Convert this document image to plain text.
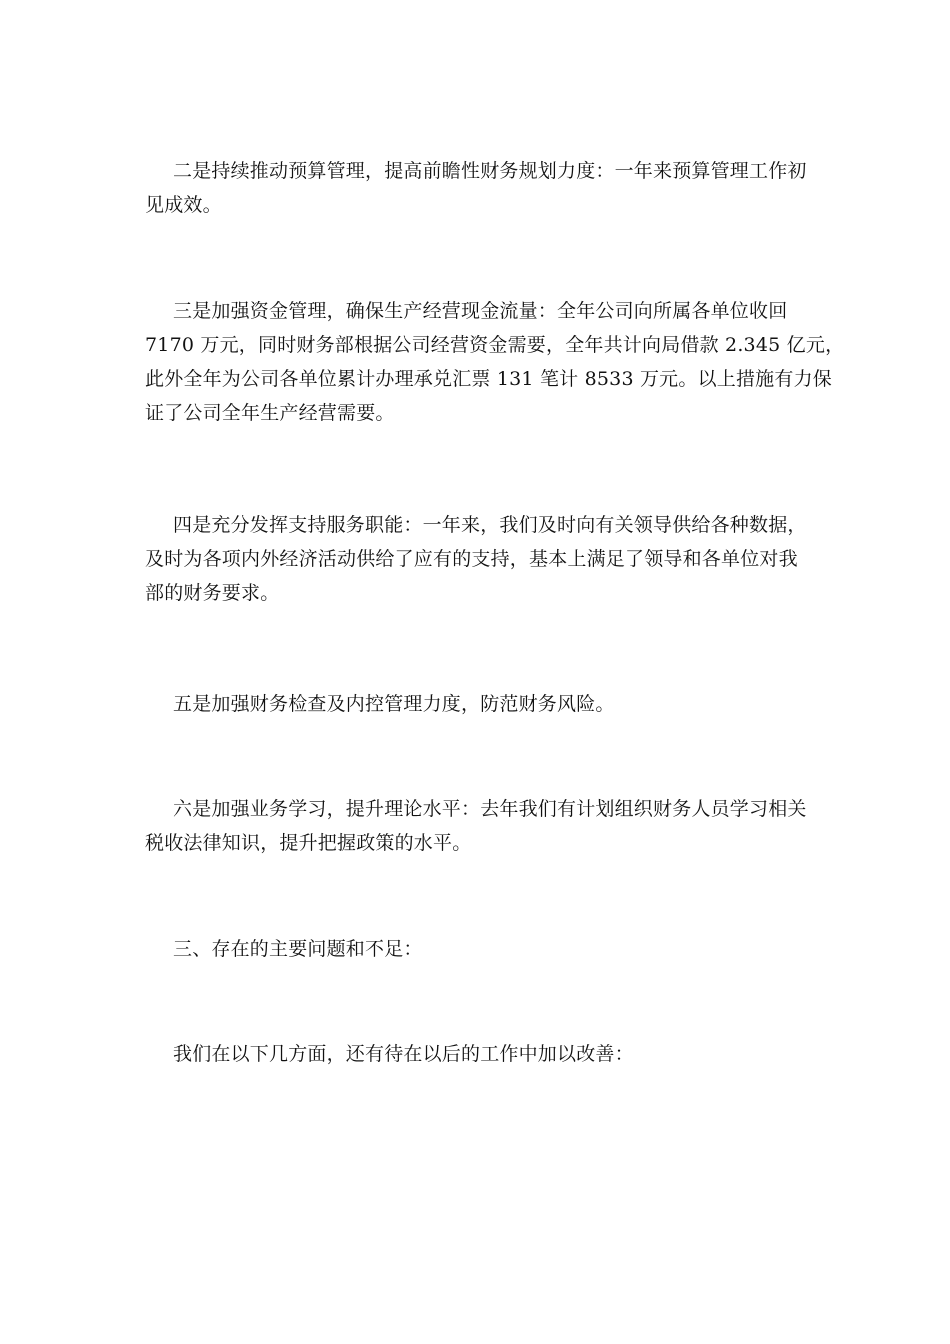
二是持续推动预算管理，提高前瞻性财务规划力度：一年来预算管理工作初
见成效。

三是加强资金管理，确保生产经营现金流量：全年公司向所属各单位收回
7170 万元，同时财务部根据公司经营资金需要，全年共计向局借款 2.345 亿元，
此外全年为公司各单位累计办理承兑汇票 131 笔计 8533 万元。以上措施有力保
证了公司全年生产经营需要。

四是充分发挥支持服务职能：一年来，我们及时向有关领导供给各种数据，
及时为各项内外经济活动供给了应有的支持，基本上满足了领导和各单位对我
部的财务要求。

五是加强财务检查及内控管理力度，防范财务风险。

六是加强业务学习，提升理论水平：去年我们有计划组织财务人员学习相关
税收法律知识，提升把握政策的水平。

三、存在的主要问题和不足：

我们在以下几方面，还有待在以后的工作中加以改善：
